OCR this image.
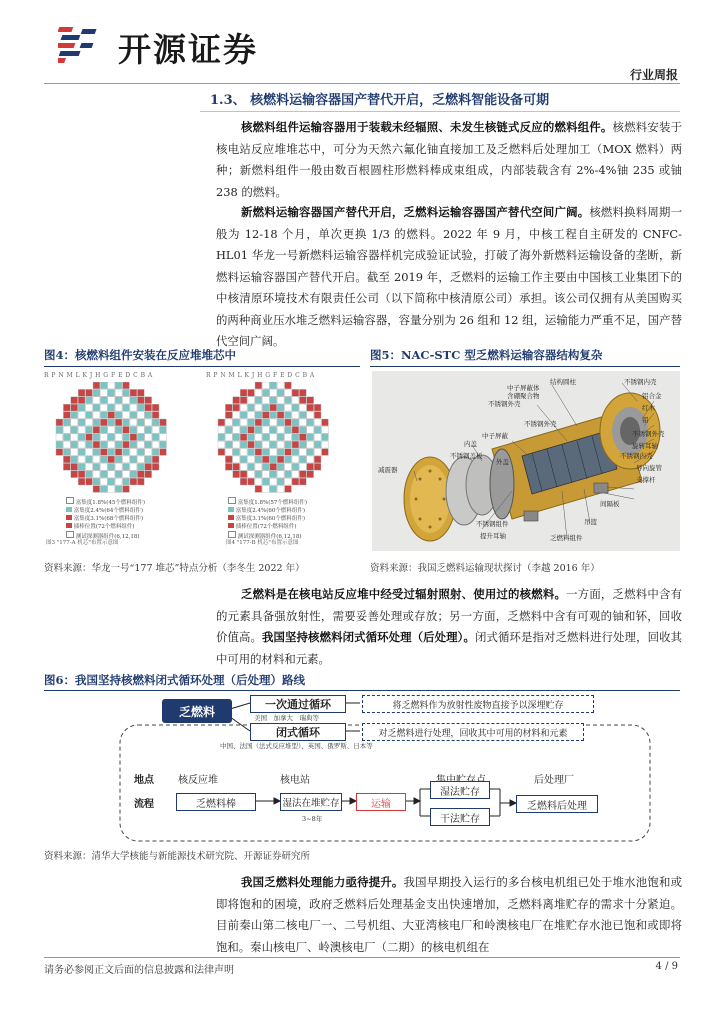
开源证券
行业周报
1.3、 核燃料运输容器国产替代开启，乏燃料智能设备可期
核燃料组件运输容器用于装载未经辐照、未发生核链式反应的燃料组件。核燃料安装于核电站反应堆堆芯中，可分为天然六氟化铀直接加工及乏燃料后处理加工（MOX 燃料）两种；新燃料组件一般由数百根圆柱形燃料棒成束组成，内部装载含有 2%-4%铀 235 或铀 238 的燃料。
新燃料运输容器国产替代开启，乏燃料运输容器国产替代空间广阔。核燃料换料周期一般为 12-18 个月，单次更换 1/3 的燃料。2022 年 9 月，中核工程自主研发的 CNFC-HL01 华龙一号新燃料运输容器样机完成验证试验，打破了海外新燃料运输设备的垄断，新燃料运输容器国产替代开启。截至 2019 年，乏燃料的运输工作主要由中国核工业集团下的中核清原环境技术有限责任公司（以下简称中核清原公司）承担。该公司仅拥有从美国购买的两种商业压水堆乏燃料运输容器，容量分别为 26 组和 12 组，运输能力严重不足，国产替代空间广阔。
图4：核燃料组件安装在反应堆堆芯中
R P N M L K J H G F E D C B A	R P N M L K J H G F E D C B A
富集度1.8%(45个燃料组件)
富集度2.4%(64个燃料组件)
富集度3.1%(68个燃料组件)
插棒位置(72个燃料组件)
测试探测器组件(6,12,18)
富集度1.8%(57个燃料组件)
富集度2.4%(60个燃料组件)
富集度3.1%(60个燃料组件)
插棒位置(72个燃料组件)
测试探测器组件(6,12,18)
图3 "177-A 机芯"布置示意图	图4 "177-B 机芯"布置示意图
资料来源：华龙一号“177 堆芯”特点分析（李冬生 2022 年）
图5：NAC-STC 型乏燃料运输容器结构复杂
结构圆柱
中子屏蔽体
含硼聚合物
不锈钢内壳
铝合金
红木
铝
不锈钢外壳
旋转耳轴
不锈钢外壳
中子屏蔽
内盖
外盖
不锈钢盖板
不锈钢外壳
不锈钢内壳
导向旋管
支撑杆
吊篮
提升耳轴
不锈钢组件
乏燃料组件
间隔板
减震器
资料来源：我国乏燃料运输现状探讨（李越 2016 年）
乏燃料是在核电站反应堆中经受过辐射照射、使用过的核燃料。一方面，乏燃料中含有的元素具备强放射性，需要妥善处理或存放；另一方面，乏燃料中含有可观的铀和钚，回收价值高。我国坚持核燃料闭式循环处理（后处理）。闭式循环是指对乏燃料进行处理，回收其中可用的材料和元素。
图6：我国坚持核燃料闭式循环处理（后处理）路线
乏燃料	一次通过循环
美国　加拿大　瑞典等
将乏燃料作为放射性废物直接予以深埋贮存
闭式循环
中国、法国（法式反应堆型）、英国、俄罗斯、日本等
对乏燃料进行处理，回收其中可用的材料和元素
地点
流程
核反应堆	核电站	后处理厂
乏燃料棒	湿法在堆贮存
3~8年
运输
湿法贮存
干法贮存
乏燃料后处理
资料来源：清华大学核能与新能源技术研究院、开源证券研究所
我国乏燃料处理能力亟待提升。我国早期投入运行的多台核电机组已处于堆水池饱和或即将饱和的困境，政府乏燃料后处理基金支出快速增加，乏燃料离堆贮存的需求十分紧迫。目前秦山第二核电厂一、二号机组、大亚湾核电厂和岭澳核电厂在堆贮存水池已饱和或即将饱和。秦山核电厂、岭澳核电厂（二期）的核电机组在
请务必参阅正文后面的信息披露和法律声明	4 / 9
